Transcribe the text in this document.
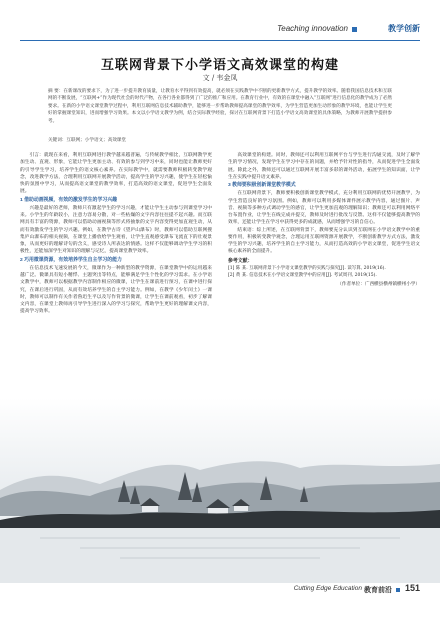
Teaching innovation	教学创新
互联网背景下小学语文高效课堂的构建
文 / 韦金凤
摘 要：在新课改的要求下，为了进一步提升教育质量，让教育水平得到有效提高，就必须在实践教学中不断的更新教学方式，提升教学的效率。随着我国信息技术和互联网的不断发展，“互联网+”作为现代社会的时代产物，在各行各业都得到了广泛的推广和应用。在教育行业中，有效的在课堂中融入“互联网”进行信息化的教学成为了必然要求。在新的小学语文课堂教学过程中，利用互联网信息技术辅助教学，能够进一步帮助教师提高课堂的教学效率，为学生营造更加生动形象的教学环境，也能让学生更好的掌握课堂知识，进而增强学习效果。本文以小学语文教学为例，结合实际教学经验，探讨在互联网背景下打造小学语文高效课堂的具体策略，为教师开展教学提供参考。
关键词：互联网；小学语文；高效课堂

引言：就现在来看，利用互联网进行教学越来越普遍，与传统教学相比，互联网教学更加生动、直观、形象，它能让学生更加主动、有效的参与到学习中来，同时也能让教师更好的引导学生学习，培养学生的语文核心素养。在实际教学中，就需要教师积极转变教学观念，改进教学方法，合理利用互联网开展教学活动，提高学生的学习兴趣，使学生在轻松愉快的氛围中学习，从而提高语文课堂的教学效率，打造高效的语文课堂，促进学生全面发展。

1 借助动画视频，有效的激发学生的学习兴趣

兴趣是最好的老师，教师只有激起学生的学习兴趣，才能让学生主动参与到课堂学习中来。小学生的年龄较小，注意力容易分散，对一些枯燥的文字内容往往提不起兴趣。而互联网具有丰富的资源，教师可以借助动画视频等形式将抽象的文字内容变得更加直观生动，从而有效激发学生的学习兴趣。例如，在教学古诗《望庐山瀑布》时，教师可以借助互联网搜集庐山瀑布的相关视频，在课堂上播放给学生观看，让学生直观感受瀑布飞流直下的壮观景象，从而更好的理解诗句的含义，感受诗人所表达的情感。这样不仅能够调动学生学习的积极性，还能加深学生对知识的理解与记忆，提高课堂教学效率。

2 巧用微课资源，有效培养学生自主学习的能力

在信息技术飞速发展的今天，微课作为一种新型的教学资源，在课堂教学中的运用越来越广泛。微课具有短小精悍、主题突出等特点，能够满足学生个性化的学习需求。在小学语文教学中，教师可以根据教学内容制作相应的微课，让学生在课前进行预习，在课中进行探究，在课后进行巩固，从而有效培养学生的自主学习能力。例如，在教学《少年闰土》一课时，教师可以制作有关作者鲁迅生平以及写作背景的微课，让学生在课前观看，初步了解课文内容，在课堂上教师再引导学生进行深入的学习与探究，帮助学生更好的理解课文内容，提高学习效率。

高效课堂的构建。同时，教师还可以利用互联网平台与学生进行沟通交流，及时了解学生的学习情况，发现学生在学习中存在的问题，并给予针对性的指导，从而促进学生全面发展。除此之外，教师还可以通过互联网开展丰富多彩的课外活动，拓展学生的知识面，让学生在实践中提升语文素养。

3 教师要积极创新课堂教学模式

在互联网背景下，教师要积极创新课堂教学模式，充分利用互联网的优势开展教学，为学生营造良好的学习氛围。例如，教师可以利用多媒体课件展示教学内容，通过图片、声音、视频等多种方式调动学生的感官，让学生更加直观的理解知识；教师还可以利用网络平台布置作业，让学生在线完成并提交，教师及时进行批改与反馈。这样不仅能够提高教学的效率，还能让学生在学习中获得更多的成就感，从而增强学习的自信心。

结束语：综上所述，在互联网背景下，教师要充分认识到互联网在小学语文教学中的重要作用，积极转变教学观念，合理运用互联网资源开展教学，不断创新教学方式方法，激发学生的学习兴趣，培养学生的自主学习能力，从而打造高效的小学语文课堂，促进学生语文核心素养的全面提升。

参考文献：

[1] 陈 某. 互联网背景下小学语文课堂教学的实践与探究[J]. 读写算, 2019(16).

[2] 黄 某. 信息技术在小学语文课堂教学中的应用[J]. 考试周刊, 2019(15).

（作者单位：广西横县横州镇横州小学）

Cutting Edge Education 教育前沿 151
